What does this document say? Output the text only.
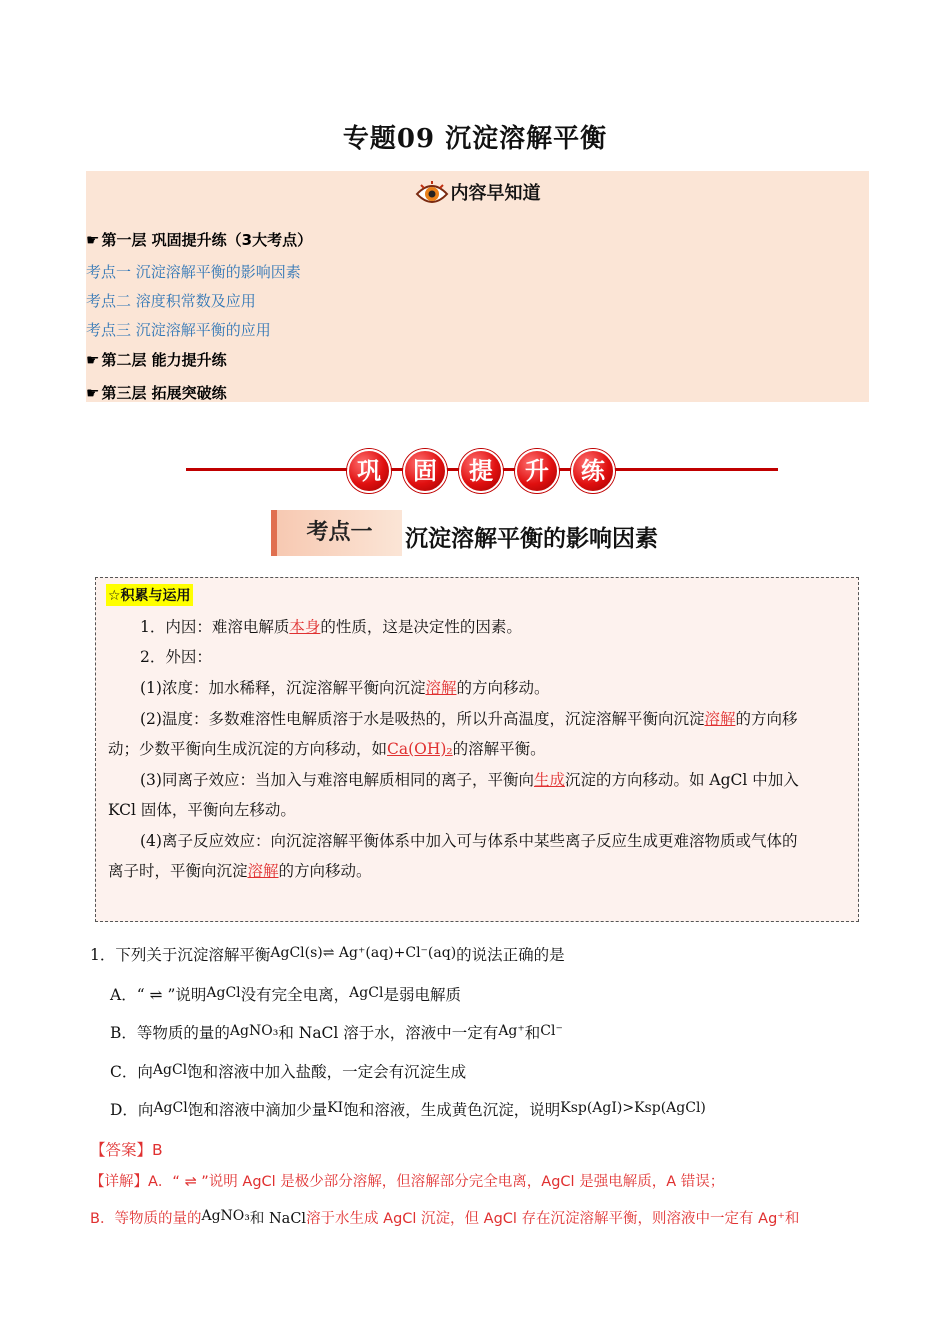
专题09 沉淀溶解平衡
内容早知道
☛ 第一层 巩固提升练（3大考点）
考点一 沉淀溶解平衡的影响因素
考点二 溶度积常数及应用
考点三 沉淀溶解平衡的应用
☛ 第二层 能力提升练
☛ 第三层 拓展突破练
巩	固	提	升	练
考点一	沉淀溶解平衡的影响因素
☆积累与运用
1．内因：难溶电解质本身的性质，这是决定性的因素。
2．外因：
(1)浓度：加水稀释，沉淀溶解平衡向沉淀溶解的方向移动。
(2)温度：多数难溶性电解质溶于水是吸热的，所以升高温度，沉淀溶解平衡向沉淀溶解的方向移
动；少数平衡向生成沉淀的方向移动，如Ca(OH)₂的溶解平衡。
(3)同离子效应：当加入与难溶电解质相同的离子，平衡向生成沉淀的方向移动。如 AgCl 中加入
KCl 固体，平衡向左移动。
(4)离子反应效应：向沉淀溶解平衡体系中加入可与体系中某些离子反应生成更难溶物质或气体的
离子时，平衡向沉淀溶解的方向移动。
1．下列关于沉淀溶解平衡AgCl(s)⇌ Ag⁺(aq)+Cl⁻(aq)的说法正确的是
A．“ ⇌ ”说明AgCl没有完全电离，AgCl是弱电解质
B．等物质的量的AgNO₃和 NaCl 溶于水，溶液中一定有Ag⁺和Cl⁻
C．向AgCl饱和溶液中加入盐酸，一定会有沉淀生成
D．向AgCl饱和溶液中滴加少量KI饱和溶液，生成黄色沉淀，说明Ksp(AgI)>Ksp(AgCl)
【答案】B
【详解】A．“ ⇌ ”说明 AgCl 是极少部分溶解，但溶解部分完全电离，AgCl 是强电解质，A 错误；
B．等物质的量的AgNO₃和 NaCl溶于水生成 AgCl 沉淀，但 AgCl 存在沉淀溶解平衡，则溶液中一定有 Ag⁺和
